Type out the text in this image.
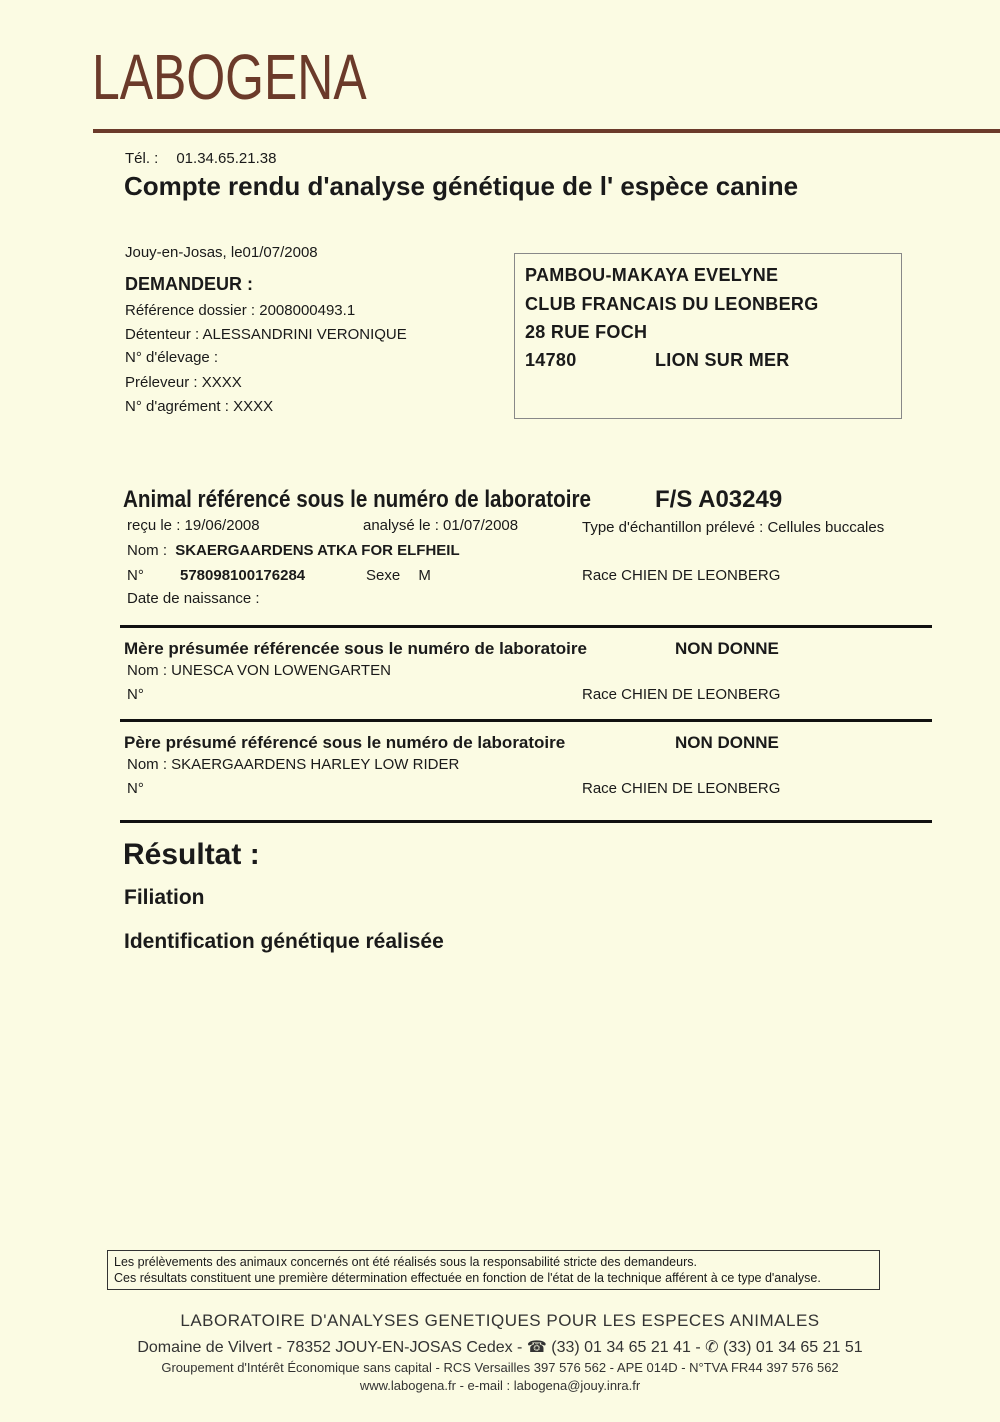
LABOGENA
Tél. : 01.34.65.21.38
Compte rendu d'analyse génétique de l' espèce canine
Jouy-en-Josas, le01/07/2008
DEMANDEUR :
Référence dossier : 2008000493.1
Détenteur : ALESSANDRINI VERONIQUE
N° d'élevage :
Préleveur : XXXX
N° d'agrément : XXXX
PAMBOU-MAKAYA EVELYNE
CLUB FRANCAIS DU LEONBERG
28 RUE FOCH
14780	LION SUR MER
Animal référencé sous le numéro de laboratoire	F/S A03249
reçu le : 19/06/2008	analysé le : 01/07/2008	Type d'échantillon prélevé : Cellules buccales
Nom : SKAERGAARDENS ATKA FOR ELFHEIL
N° 578098100176284	Sexe M	Race CHIEN DE LEONBERG
Date de naissance :
Mère présumée référencée sous le numéro de laboratoire	NON DONNE
Nom : UNESCA VON LOWENGARTEN
N°	Race CHIEN DE LEONBERG
Père présumé référencé sous le numéro de laboratoire	NON DONNE
Nom : SKAERGAARDENS HARLEY LOW RIDER
N°	Race CHIEN DE LEONBERG
Résultat :
Filiation
Identification génétique réalisée
Les prélèvements des animaux concernés ont été réalisés sous la responsabilité stricte des demandeurs.
Ces résultats constituent une première détermination effectuée en fonction de l'état de la technique afférent à ce type d'analyse.
LABORATOIRE D'ANALYSES GENETIQUES POUR LES ESPECES ANIMALES
Domaine de Vilvert - 78352 JOUY-EN-JOSAS Cedex - ☎ (33) 01 34 65 21 41 - ✆ (33) 01 34 65 21 51
Groupement d'Intérêt Économique sans capital - RCS Versailles 397 576 562 - APE 014D - N°TVA FR44 397 576 562
www.labogena.fr - e-mail : labogena@jouy.inra.fr
